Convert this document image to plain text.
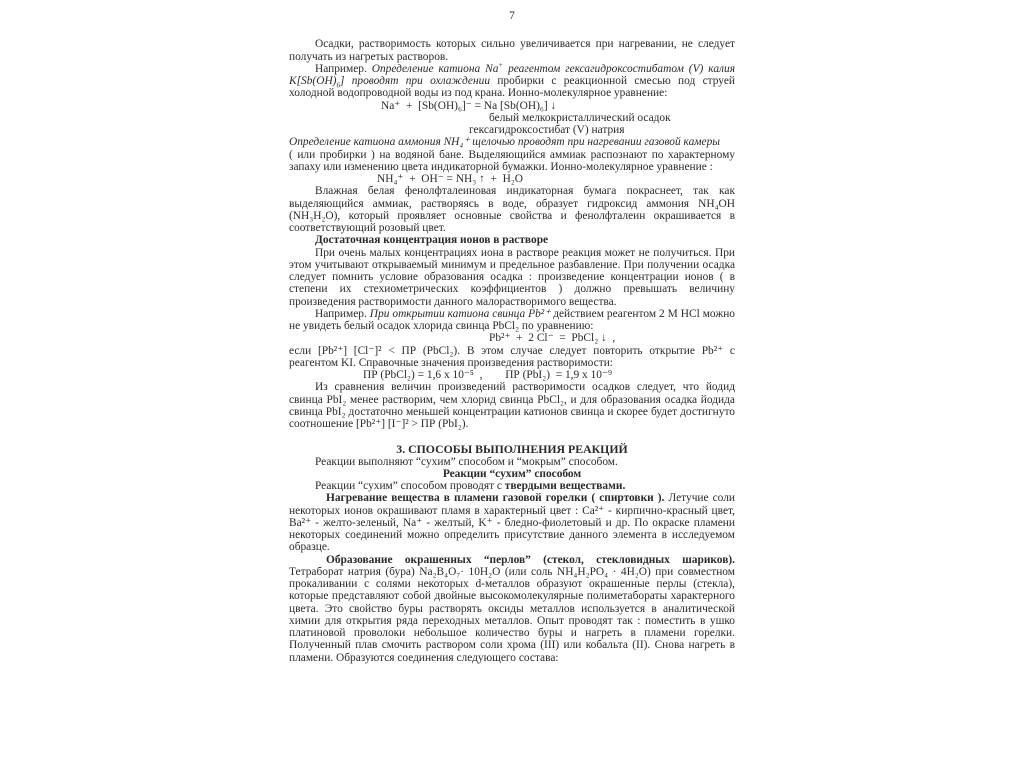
7

Осадки, растворимость которых сильно увеличивается при нагревании, не следует получать из нагретых растворов.

Например. Определение катиона Na+ реагентом гексагидроксостибатом (V) калия $K[Sb(OH)_6]$ проводят при охлаждении пробирки с реакционной смесью под струей холодной водопроводной воды из под крана. Ионно-молекулярное уравнение:

Na⁺  +  [Sb(OH)₆]⁻ = Na [Sb(OH)₆] ↓

белый мелкокристаллический осадок

гексагидроксостибат (V) натрия

Определение катиона аммония NH₄⁺ щелочью проводят при нагревании газовой камеры

( или пробирки ) на водяной бане. Выделяющийся аммиак распознают по характерному запаху или изменению цвета индикаторной бумажки. Ионно-молекулярное уравнение :

NH₄⁺  +  OH⁻ = NH₃ ↑  +  H₂O

Влажная белая фенолфталеиновая индикаторная бумага покраснеет, так как выделяющийся аммиак, растворяясь в воде, образует гидроксид аммония NH₄OH (NH₃H₂O), который проявляет основные свойства и фенолфталеин окрашивается в соответствующий розовый цвет.

Достаточная концентрация ионов в растворе

При очень малых концентрациях иона в растворе реакция может не получиться. При этом учитывают открываемый минимум и предельное разбавление. При получении осадка следует помнить условие образования осадка : произведение концентрации ионов ( в степени их стехиометрических коэффициентов ) должно превышать величину произведения растворимости данного малорастворимого вещества.

Например. При открытии катиона свинца Pb²⁺ действием реагентом 2 М HCl можно не увидеть белый осадок хлорида свинца PbCl₂ по уравнению:

Pb²⁺  +  2 Cl⁻  =  PbCl₂ ↓  ,

если [Pb²⁺] [Cl⁻]² < ПР (PbCl₂). В этом случае следует повторить открытие Pb²⁺ с реагентом KI. Справочные значения произведения растворимости:

ПР (PbCl₂) = 1,6 x 10⁻⁵  ,        ПР (PbI₂)  = 1,9 x 10⁻⁹

Из сравнения величин произведений растворимости осадков следует, что йодид свинца PbI₂ менее растворим, чем хлорид свинца PbCl₂, и для образования осадка йодида свинца PbI₂ достаточно меньшей концентрации катионов свинца и скорее будет достигнуто соотношение [Pb²⁺] [I⁻]² > ПР (PbI₂).

3. СПОСОБЫ ВЫПОЛНЕНИЯ РЕАКЦИЙ

Реакции выполняют “сухим” способом и “мокрым” способом.

Реакции “сухим” способом

Реакции “сухим” способом проводят с твердыми веществами.

Нагревание вещества в пламени газовой горелки ( спиртовки ). Летучие соли некоторых ионов окрашивают пламя в характерный цвет : Ca²⁺ - кирпично-красный цвет, Ba²⁺ - желто-зеленый, Na⁺ - желтый, K⁺ - бледно-фиолетовый и др. По окраске пламени некоторых соединений можно определить присутствие данного элемента в исследуемом образце.

Образование окрашенных “перлов” (стекол, стекловидных шариков). Тетраборат натрия (бура) Na₂B₄O₇· 10H₂O (или соль NH₄H₂PO₄ · 4H₂O) при совместном прокаливании с солями некоторых d-металлов образуют окрашенные перлы (стекла), которые представляют собой двойные высокомолекулярные полиметабораты характерного цвета. Это свойство буры растворять оксиды металлов используется в аналитической химии для открытия ряда переходных металлов. Опыт проводят так : поместить в ушко платиновой проволоки небольшое количество буры и нагреть в пламени горелки. Полученный плав смочить раствором соли хрома (III) или кобальта (II). Снова нагреть в пламени. Образуются соединения следующего состава:
